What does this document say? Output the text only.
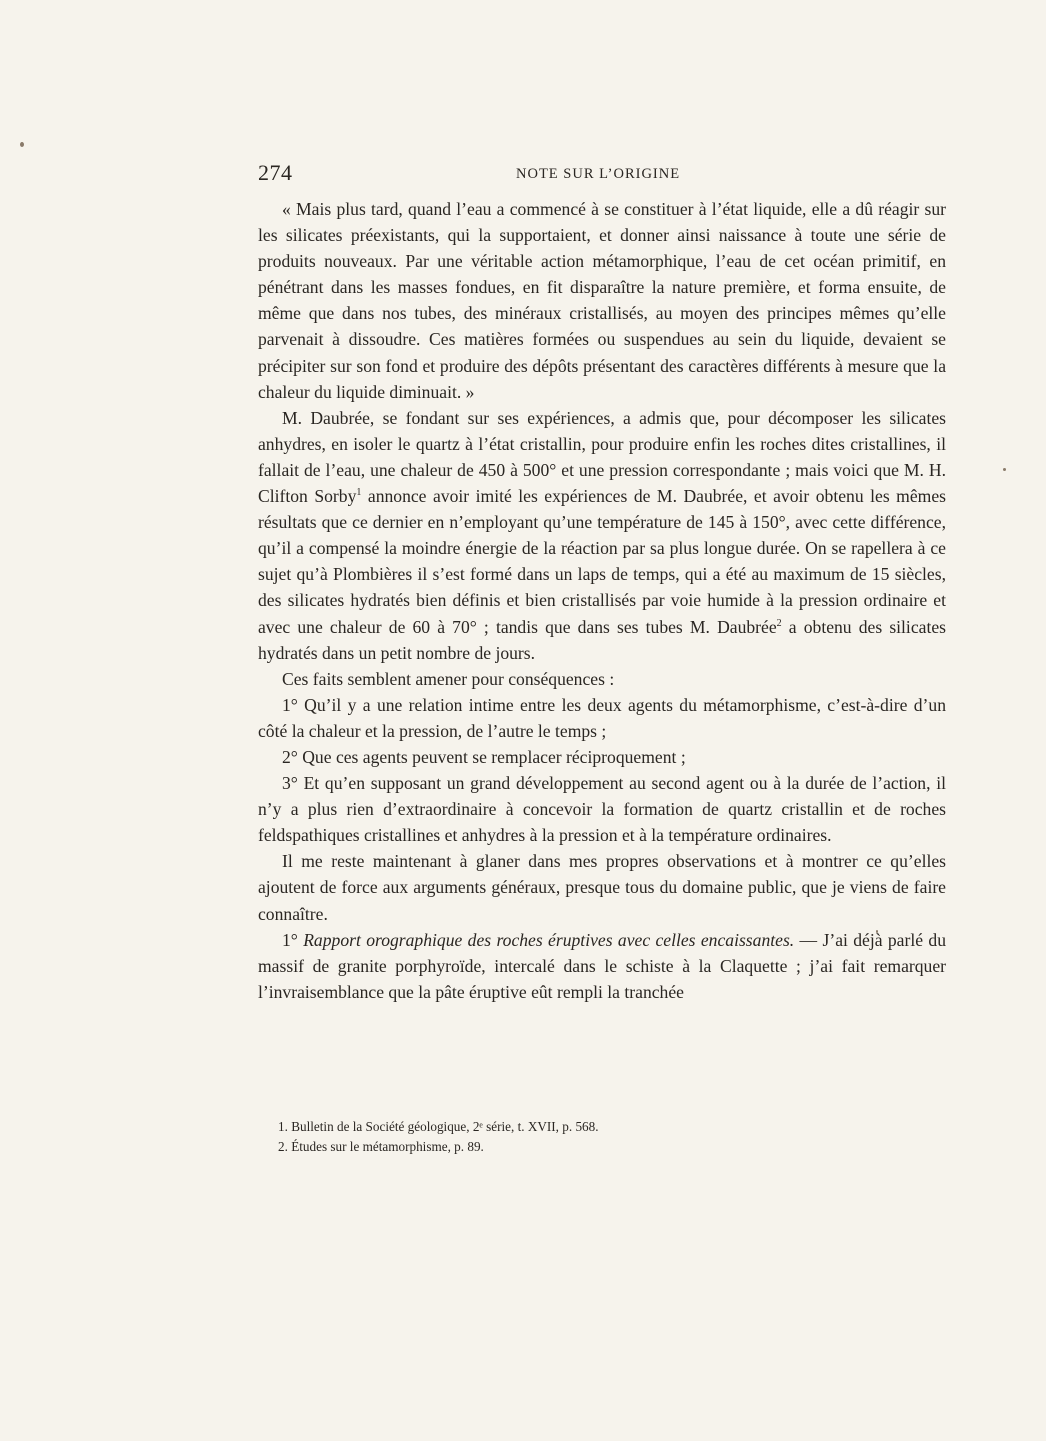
274	NOTE SUR L’ORIGINE

« Mais plus tard, quand l’eau a commencé à se constituer à l’état liquide, elle a dû réagir sur les silicates préexistants, qui la supportaient, et donner ainsi naissance à toute une série de produits nouveaux. Par une véritable action métamorphique, l’eau de cet océan primitif, en pénétrant dans les masses fondues, en fit disparaître la nature première, et forma ensuite, de même que dans nos tubes, des minéraux cristallisés, au moyen des principes mêmes qu’elle parvenait à dissoudre. Ces matières formées ou suspendues au sein du liquide, devaient se précipiter sur son fond et produire des dépôts présentant des caractères différents à mesure que la chaleur du liquide diminuait. »

M. Daubrée, se fondant sur ses expériences, a admis que, pour décomposer les silicates anhydres, en isoler le quartz à l’état cristallin, pour produire enfin les roches dites cristallines, il fallait de l’eau, une chaleur de 450 à 500° et une pression correspondante ; mais voici que M. H. Clifton Sorby$^1$ annonce avoir imité les expériences de M. Daubrée, et avoir obtenu les mêmes résultats que ce dernier en n’employant qu’une température de 145 à 150°, avec cette différence, qu’il a compensé la moindre énergie de la réaction par sa plus longue durée. On se rapellera à ce sujet qu’à Plombières il s’est formé dans un laps de temps, qui a été au maximum de 15 siècles, des silicates hydratés bien définis et bien cristallisés par voie humide à la pression ordinaire et avec une chaleur de 60 à 70° ; tandis que dans ses tubes M. Daubrée$^2$ a obtenu des silicates hydratés dans un petit nombre de jours.

Ces faits semblent amener pour conséquences :

1° Qu’il y a une relation intime entre les deux agents du métamorphisme, c’est-à-dire d’un côté la chaleur et la pression, de l’autre le temps ;

2° Que ces agents peuvent se remplacer réciproquement ;

3° Et qu’en supposant un grand développement au second agent ou à la durée de l’action, il n’y a plus rien d’extraordinaire à concevoir la formation de quartz cristallin et de roches feldspathiques cristallines et anhydres à la pression et à la température ordinaires.

Il me reste maintenant à glaner dans mes propres observations et à montrer ce qu’elles ajoutent de force aux arguments généraux, presque tous du domaine public, que je viens de faire connaître.

1° Rapport orographique des roches éruptives avec celles encaissantes. — J’ai déjà parlé du massif de granite porphyroïde, intercalé dans le schiste à la Claquette ; j’ai fait remarquer l’invraisemblance que la pâte éruptive eût rempli la tranchée

1. Bulletin de la Société géologique, 2ᵉ série, t. XVII, p. 568.
2. Études sur le métamorphisme, p. 89.
